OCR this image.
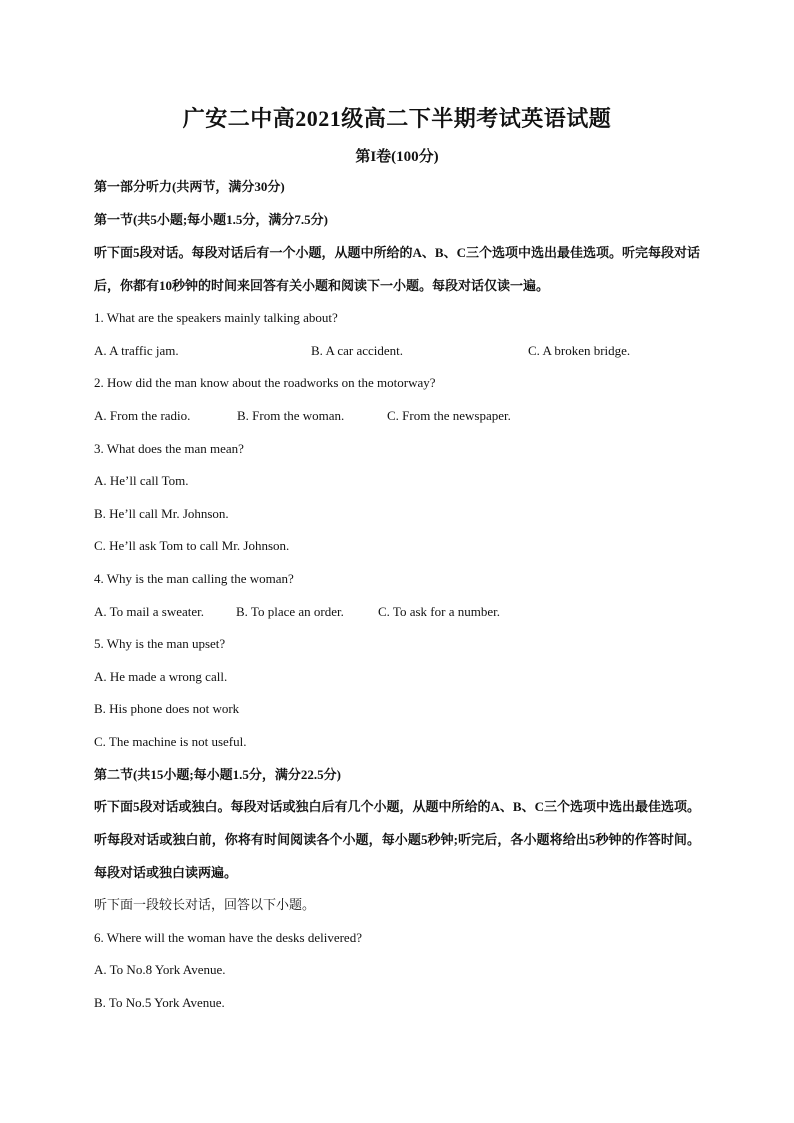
广安二中高2021级高二下半期考试英语试题
第I卷(100分)
第一部分听力(共两节，满分30分)
第一节(共5小题;每小题1.5分，满分7.5分)
听下面5段对话。每段对话后有一个小题，从题中所给的A、B、C三个选项中选出最佳选项。听完每段对话后，你都有10秒钟的时间来回答有关小题和阅读下一小题。每段对话仅读一遍。
1. What are the speakers mainly talking about?
A. A traffic jam.	B. A car accident.	C. A broken bridge.
2. How did the man know about the roadworks on the motorway?
A. From the radio.	B. From the woman.	C. From the newspaper.
3. What does the man mean?
A. He’ll call Tom.
B. He’ll call Mr. Johnson.
C. He’ll ask Tom to call Mr. Johnson.
4. Why is the man calling the woman?
A. To mail a sweater. B. To place an order.	C. To ask for a number.
5. Why is the man upset?
A. He made a wrong call.
B. His phone does not work
C. The machine is not useful.
第二节(共15小题;每小题1.5分，满分22.5分)
听下面5段对话或独白。每段对话或独白后有几个小题，从题中所给的A、B、C三个选项中选出最佳选项。听每段对话或独白前，你将有时间阅读各个小题，每小题5秒钟;听完后，各小题将给出5秒钟的作答时间。每段对话或独白读两遍。
听下面一段较长对话，回答以下小题。
6. Where will the woman have the desks delivered?
A. To No.8 York Avenue.
B. To No.5 York Avenue.
